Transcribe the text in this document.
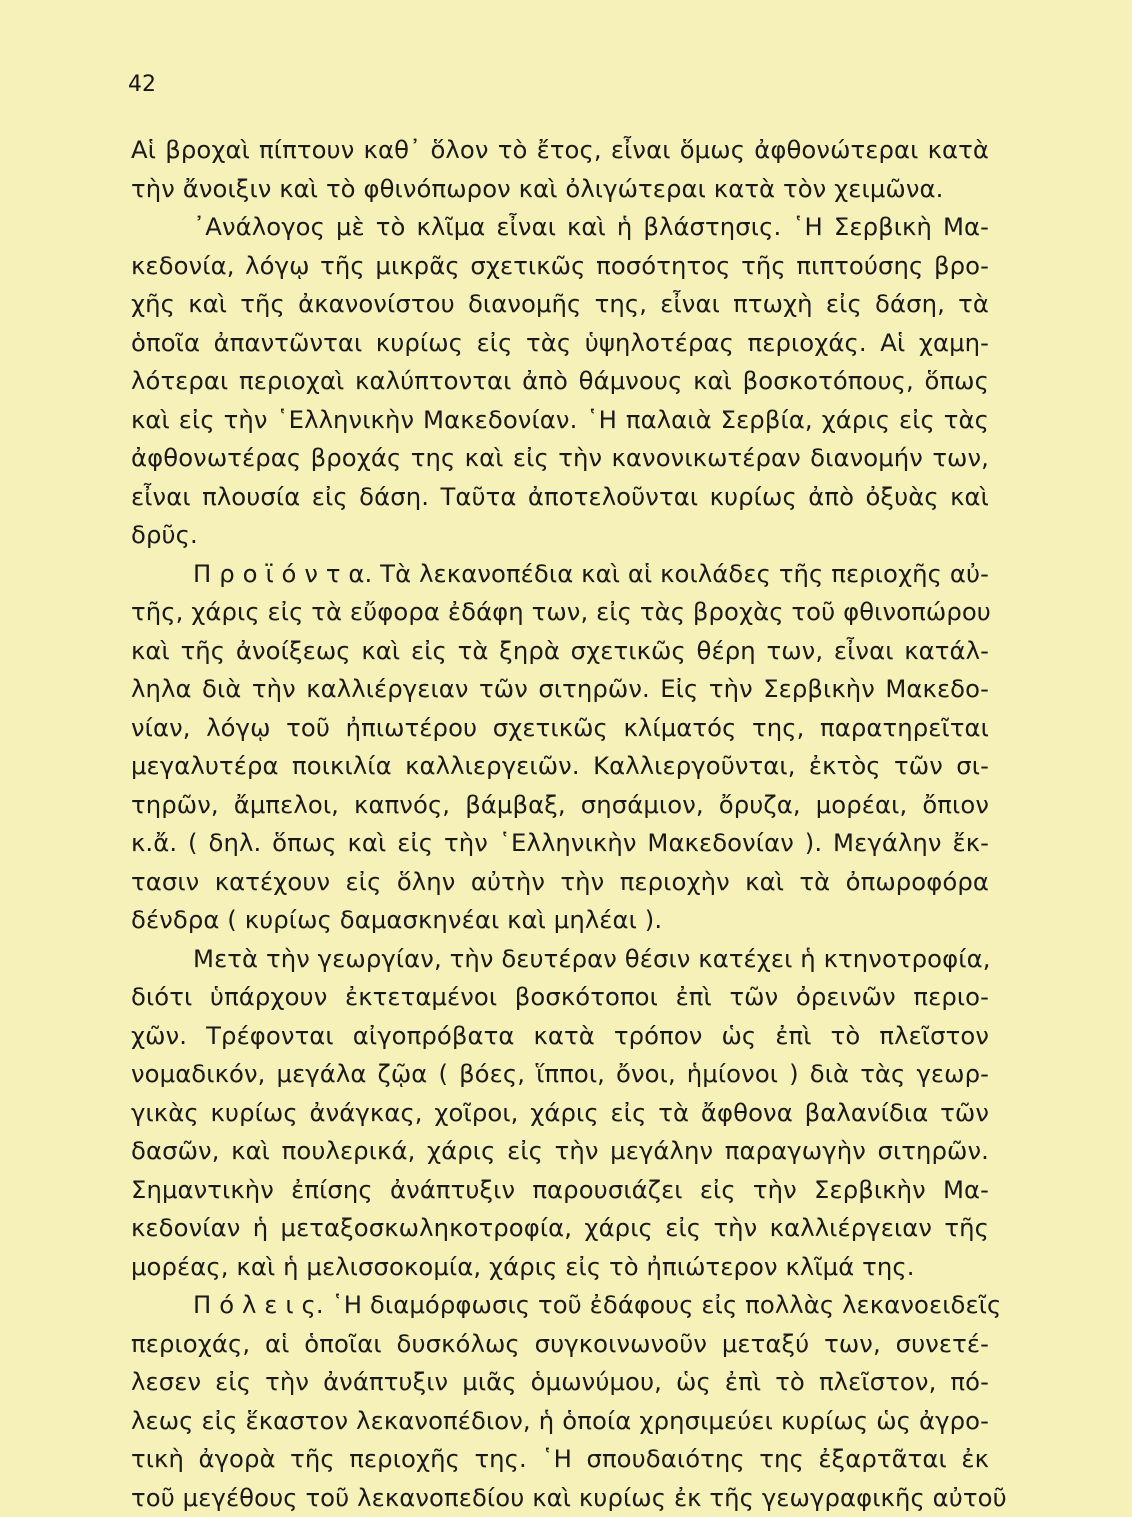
42
Αἱ βροχαὶ πίπτουν καθ᾽ ὅλον τὸ ἔτος, εἶναι ὅμως ἀφθονώτεραι κατὰ
τὴν ἄνοιξιν καὶ τὸ φθινόπωρον καὶ ὀλιγώτεραι κατὰ τὸν χειμῶνα.
᾽Ανάλογος μὲ τὸ κλῖμα εἶναι καὶ ἡ βλάστησις. ῾Η Σερβικὴ Μα-
κεδονία, λόγῳ τῆς μικρᾶς σχετικῶς ποσότητος τῆς πιπτούσης βρο-
χῆς καὶ τῆς ἀκανονίστου διανομῆς της, εἶναι πτωχὴ εἰς δάση, τὰ
ὁποῖα ἀπαντῶνται κυρίως εἰς τὰς ὑψηλοτέρας περιοχάς. Αἱ χαμη-
λότεραι περιοχαὶ καλύπτονται ἀπὸ θάμνους καὶ βοσκοτόπους, ὅπως
καὶ εἰς τὴν ῾Ελληνικὴν Μακεδονίαν. ῾Η παλαιὰ Σερβία, χάρις εἰς τὰς
ἀφθονωτέρας βροχάς της καὶ εἰς τὴν κανονικωτέραν διανομήν των,
εἶναι πλουσία εἰς δάση. Ταῦτα ἀποτελοῦνται κυρίως ἀπὸ ὀξυὰς καὶ
δρῦς.
Π ρ ο ϊ ό ν τ α. Τὰ λεκανοπέδια καὶ αἱ κοιλάδες τῆς περιοχῆς αὐ-
τῆς, χάρις εἰς τὰ εὔφορα ἐδάφη των, εἰς τὰς βροχὰς τοῦ φθινοπώρου
καὶ τῆς ἀνοίξεως καὶ εἰς τὰ ξηρὰ σχετικῶς θέρη των, εἶναι κατάλ-
ληλα διὰ τὴν καλλιέργειαν τῶν σιτηρῶν. Εἰς τὴν Σερβικὴν Μακεδο-
νίαν, λόγῳ τοῦ ἠπιωτέρου σχετικῶς κλίματός της, παρατηρεῖται
μεγαλυτέρα ποικιλία καλλιεργειῶν. Καλλιεργοῦνται, ἐκτὸς τῶν σι-
τηρῶν, ἄμπελοι, καπνός, βάμβαξ, σησάμιον, ὄρυζα, μορέαι, ὄπιον
κ.ἄ. ( δηλ. ὅπως καὶ εἰς τὴν ῾Ελληνικὴν Μακεδονίαν ). Μεγάλην ἔκ-
τασιν κατέχουν εἰς ὅλην αὐτὴν τὴν περιοχὴν καὶ τὰ ὀπωροφόρα
δένδρα ( κυρίως δαμασκηνέαι καὶ μηλέαι ).
Μετὰ τὴν γεωργίαν, τὴν δευτέραν θέσιν κατέχει ἡ κτηνοτροφία,
διότι ὑπάρχουν ἐκτεταμένοι βοσκότοποι ἐπὶ τῶν ὀρεινῶν περιο-
χῶν. Τρέφονται αἰγοπρόβατα κατὰ τρόπον ὡς ἐπὶ τὸ πλεῖστον
νομαδικόν, μεγάλα ζῷα ( βόες, ἵπποι, ὄνοι, ἡμίονοι ) διὰ τὰς γεωρ-
γικὰς κυρίως ἀνάγκας, χοῖροι, χάρις εἰς τὰ ἄφθονα βαλανίδια τῶν
δασῶν, καὶ πουλερικά, χάρις εἰς τὴν μεγάλην παραγωγὴν σιτηρῶν.
Σημαντικὴν ἐπίσης ἀνάπτυξιν παρουσιάζει εἰς τὴν Σερβικὴν Μα-
κεδονίαν ἡ μεταξοσκωληκοτροφία, χάρις εἰς τὴν καλλιέργειαν τῆς
μορέας, καὶ ἡ μελισσοκομία, χάρις εἰς τὸ ἠπιώτερον κλῖμά της.
Π ό λ ε ι ς. ῾Η διαμόρφωσις τοῦ ἐδάφους εἰς πολλὰς λεκανοειδεῖς
περιοχάς, αἱ ὁποῖαι δυσκόλως συγκοινωνοῦν μεταξύ των, συνετέ-
λεσεν εἰς τὴν ἀνάπτυξιν μιᾶς ὁμωνύμου, ὡς ἐπὶ τὸ πλεῖστον, πό-
λεως εἰς ἕκαστον λεκανοπέδιον, ἡ ὁποία χρησιμεύει κυρίως ὡς ἀγρο-
τικὴ ἀγορὰ τῆς περιοχῆς της. ῾Η σπουδαιότης της ἐξαρτᾶται ἐκ
τοῦ μεγέθους τοῦ λεκανοπεδίου καὶ κυρίως ἐκ τῆς γεωγραφικῆς αὐτοῦ
